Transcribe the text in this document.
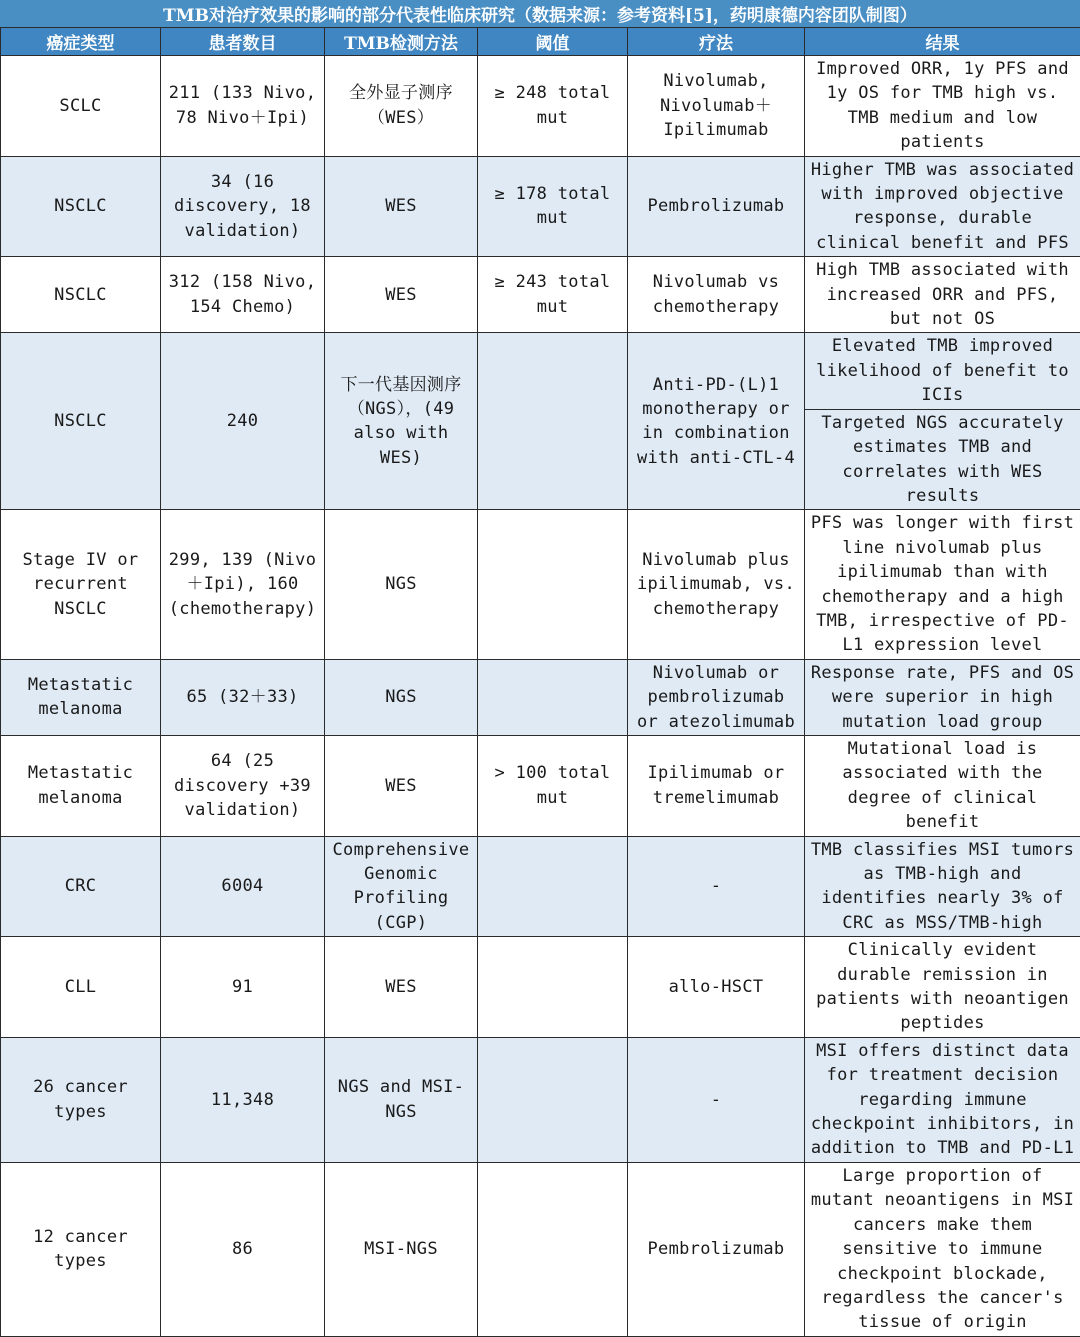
TMB对治疗效果的影响的部分代表性临床研究（数据来源：参考资料[5]，药明康德内容团队制图）
癌症类型	患者数目	TMB检测方法	阈值	疗法	结果
SCLC	211 (133 Nivo, 78 Nivo＋Ipi)	全外显子测序（WES）	≥ 248 total mut	Nivolumab, Nivolumab＋Ipilimumab	Improved ORR, 1y PFS and 1y OS for TMB high vs. TMB medium and low patients
NSCLC	34 (16 discovery, 18 validation)	WES	≥ 178 total mut	Pembrolizumab	Higher TMB was associated with improved objective response, durable clinical benefit and PFS
NSCLC	312 (158 Nivo, 154 Chemo)	WES	≥ 243 total mut	Nivolumab vs chemotherapy	High TMB associated with increased ORR and PFS, but not OS
NSCLC	240	下一代基因测序（NGS），(49 also with WES)		Anti-PD-(L)1 monotherapy or in combination with anti-CTL-4	Elevated TMB improved likelihood of benefit to ICIs
					Targeted NGS accurately estimates TMB and correlates with WES results
Stage IV or recurrent NSCLC	299, 139 (Nivo＋Ipi), 160 (chemotherapy)	NGS		Nivolumab plus ipilimumab, vs. chemotherapy	PFS was longer with first line nivolumab plus ipilimumab than with chemotherapy and a high TMB, irrespective of PD-L1 expression level
Metastatic melanoma	65 (32＋33)	NGS		Nivolumab or pembrolizumab or atezolimumab	Response rate, PFS and OS were superior in high mutation load group
Metastatic melanoma	64 (25 discovery +39 validation)	WES	> 100 total mut	Ipilimumab or tremelimumab	Mutational load is associated with the degree of clinical benefit
CRC	6004	Comprehensive Genomic Profiling (CGP)		-	TMB classifies MSI tumors as TMB-high and identifies nearly 3% of CRC as MSS/TMB-high
CLL	91	WES		allo-HSCT	Clinically evident durable remission in patients with neoantigen peptides
26 cancer types	11,348	NGS and MSI-NGS		-	MSI offers distinct data for treatment decision regarding immune checkpoint inhibitors, in addition to TMB and PD-L1
12 cancer types	86	MSI-NGS		Pembrolizumab	Large proportion of mutant neoantigens in MSI cancers make them sensitive to immune checkpoint blockade, regardless the cancer's tissue of origin
